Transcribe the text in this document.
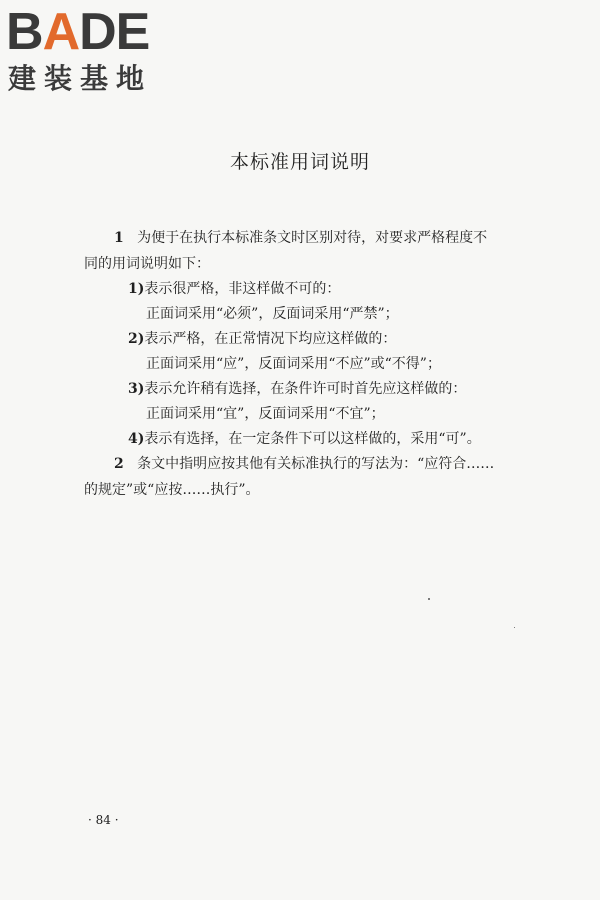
BADE
建装基地
本标准用词说明
1 为便于在执行本标准条文时区别对待，对要求严格程度不
同的用词说明如下：
1)表示很严格，非这样做不可的：
正面词采用“必须”，反面词采用“严禁”；
2)表示严格，在正常情况下均应这样做的：
正面词采用“应”，反面词采用“不应”或“不得”；
3)表示允许稍有选择，在条件许可时首先应这样做的：
正面词采用“宜”，反面词采用“不宜”；
4)表示有选择，在一定条件下可以这样做的，采用“可”。
2 条文中指明应按其他有关标准执行的写法为：“应符合……
的规定”或“应按……执行”。
· 84 ·
